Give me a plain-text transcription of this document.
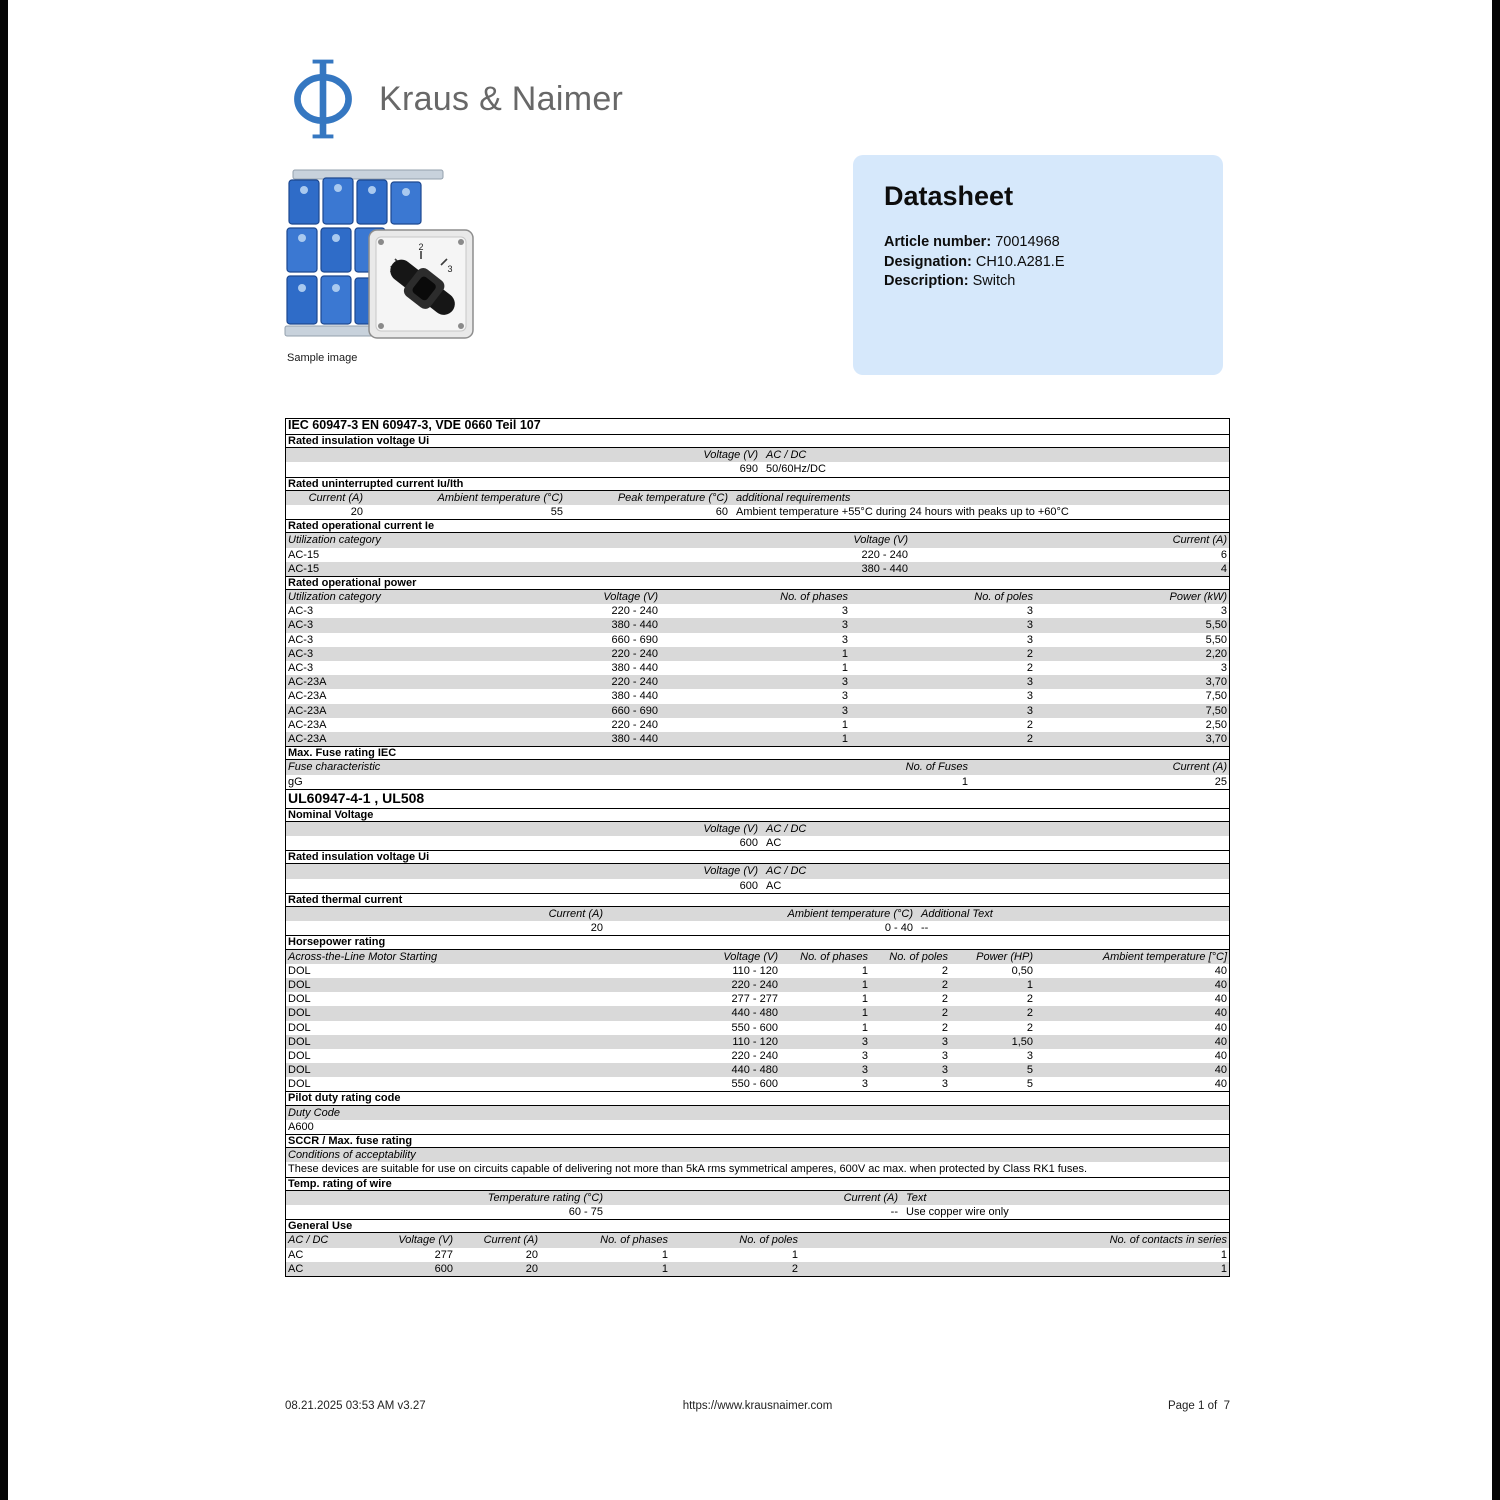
Kraus & Naimer
2
3
Sample image
Datasheet
Article number: 70014968
Designation: CH10.A281.E
Description: Switch
IEC 60947-3 EN 60947-3, VDE 0660 Teil 107
Rated insulation voltage Ui
Voltage (V) AC / DC
690 50/60Hz/DC
Rated uninterrupted current Iu/Ith
Current (A)	Ambient temperature (°C)	Peak temperature (°C) additional requirements
20	55	60 Ambient temperature +55°C during 24 hours with peaks up to +60°C
Rated operational current Ie
Utilization category	Voltage (V)	Current (A)
AC-15	220 - 240	6
AC-15	380 - 440	4
Rated operational power
Utilization category	Voltage (V)	No. of phases	No. of poles	Power (kW)
AC-3	220 - 240	3	3	3
AC-3	380 - 440	3	3	5,50
AC-3	660 - 690	3	3	5,50
AC-3	220 - 240	1	2	2,20
AC-3	380 - 440	1	2	3
AC-23A	220 - 240	3	3	3,70
AC-23A	380 - 440	3	3	7,50
AC-23A	660 - 690	3	3	7,50
AC-23A	220 - 240	1	2	2,50
AC-23A	380 - 440	1	2	3,70
Max. Fuse rating IEC
Fuse characteristic	No. of Fuses	Current (A)
gG	1	25
UL60947-4-1 , UL508
Nominal Voltage
Voltage (V) AC / DC
600 AC
Rated insulation voltage Ui
Voltage (V) AC / DC
600 AC
Rated thermal current
Current (A)	Ambient temperature (°C) Additional Text
20	0 - 40 --
Horsepower rating
Across-the-Line Motor Starting	Voltage (V)	No. of phases	No. of poles	Power (HP)	Ambient temperature [°C]
DOL	110 - 120	1	2	0,50	40
DOL	220 - 240	1	2	1	40
DOL	277 - 277	1	2	2	40
DOL	440 - 480	1	2	2	40
DOL	550 - 600	1	2	2	40
DOL	110 - 120	3	3	1,50	40
DOL	220 - 240	3	3	3	40
DOL	440 - 480	3	3	5	40
DOL	550 - 600	3	3	5	40
Pilot duty rating code
Duty Code
A600
SCCR / Max. fuse rating
Conditions of acceptability
These devices are suitable for use on circuits capable of delivering not more than 5kA rms symmetrical amperes, 600V ac max. when protected by Class RK1 fuses.
Temp. rating of wire
Temperature rating (°C)	Current (A) Text
60 - 75	-- Use copper wire only
General Use
AC / DC	Voltage (V)	Current (A)	No. of phases	No. of poles	No. of contacts in series
AC	277	20	1	1	1
AC	600	20	1	2	1
08.21.2025 03:53 AM v3.27	https://www.krausnaimer.com	Page 1 of  7
